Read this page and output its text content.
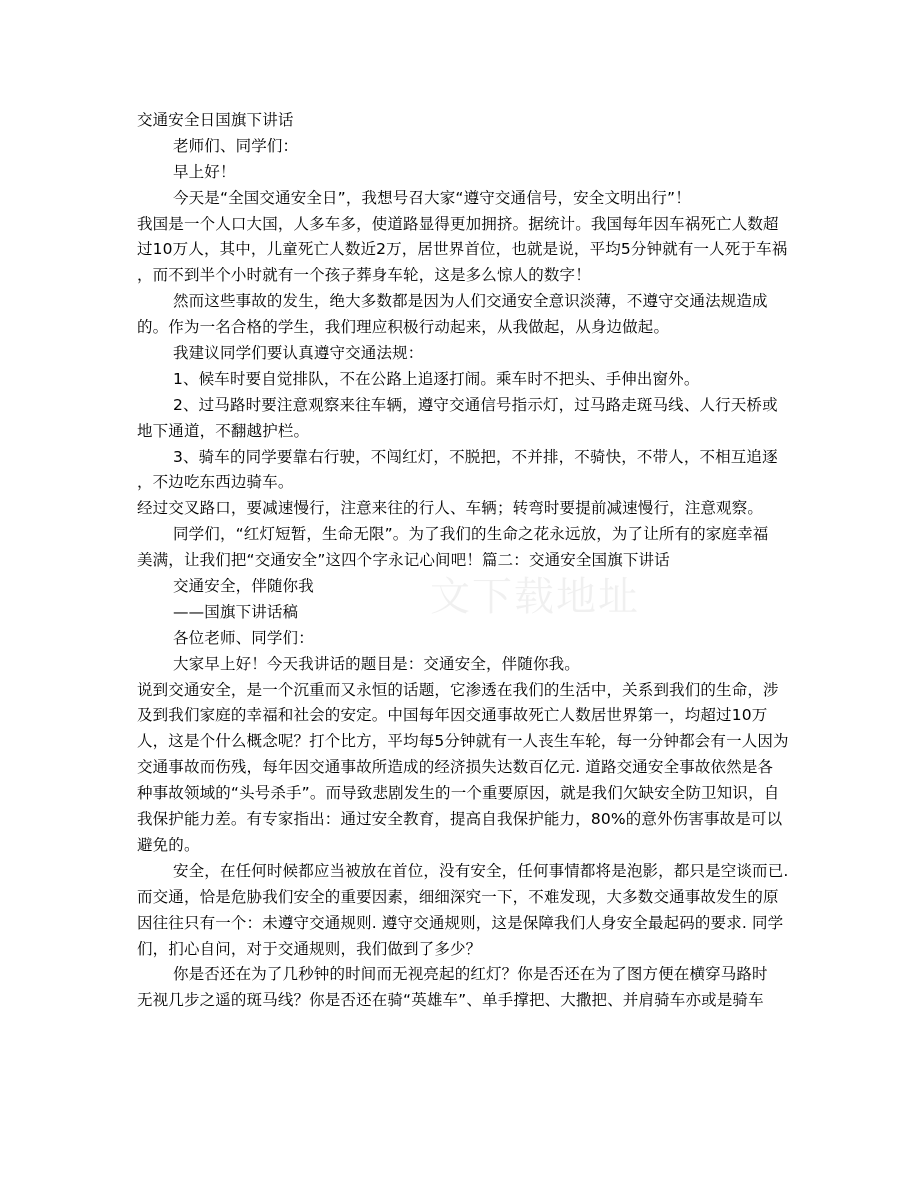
文下载地址
交通安全日国旗下讲话
老师们、同学们：
早上好！
今天是“全国交通安全日”，我想号召大家“遵守交通信号，安全文明出行”！
我国是一个人口大国，人多车多，使道路显得更加拥挤。据统计。我国每年因车祸死亡人数超
过10万人，其中，儿童死亡人数近2万，居世界首位，也就是说，平均5分钟就有一人死于车祸
，而不到半个小时就有一个孩子葬身车轮，这是多么惊人的数字！
然而这些事故的发生，绝大多数都是因为人们交通安全意识淡薄，不遵守交通法规造成
的。作为一名合格的学生，我们理应积极行动起来，从我做起，从身边做起。
我建议同学们要认真遵守交通法规：
1、候车时要自觉排队，不在公路上追逐打闹。乘车时不把头、手伸出窗外。
2、过马路时要注意观察来往车辆，遵守交通信号指示灯，过马路走斑马线、人行天桥或
地下通道，不翻越护栏。
3、骑车的同学要靠右行驶，不闯红灯，不脱把，不并排，不骑快，不带人，不相互追逐
，不边吃东西边骑车。
经过交叉路口，要减速慢行，注意来往的行人、车辆；转弯时要提前减速慢行，注意观察。
同学们，“红灯短暂，生命无限”。为了我们的生命之花永远放，为了让所有的家庭幸福
美满，让我们把“交通安全”这四个字永记心间吧！篇二：交通安全国旗下讲话
交通安全，伴随你我
——国旗下讲话稿
各位老师、同学们：
大家早上好！今天我讲话的题目是：交通安全，伴随你我。
说到交通安全，是一个沉重而又永恒的话题，它渗透在我们的生活中，关系到我们的生命，涉
及到我们家庭的幸福和社会的安定。中国每年因交通事故死亡人数居世界第一，均超过10万
人，这是个什么概念呢？打个比方，平均每5分钟就有一人丧生车轮，每一分钟都会有一人因为
交通事故而伤残，每年因交通事故所造成的经济损失达数百亿元. 道路交通安全事故依然是各
种事故领域的“头号杀手”。而导致悲剧发生的一个重要原因，就是我们欠缺安全防卫知识，自
我保护能力差。有专家指出：通过安全教育，提高自我保护能力，80%的意外伤害事故是可以
避免的。
安全，在任何时候都应当被放在首位，没有安全，任何事情都将是泡影，都只是空谈而已.
而交通，恰是危胁我们安全的重要因素，细细深究一下，不难发现，大多数交通事故发生的原
因往往只有一个：未遵守交通规则. 遵守交通规则，这是保障我们人身安全最起码的要求. 同学
们，扪心自问，对于交通规则，我们做到了多少？
你是否还在为了几秒钟的时间而无视亮起的红灯？你是否还在为了图方便在横穿马路时
无视几步之遥的斑马线？你是否还在骑“英雄车”、单手撑把、大撒把、并肩骑车亦或是骑车
